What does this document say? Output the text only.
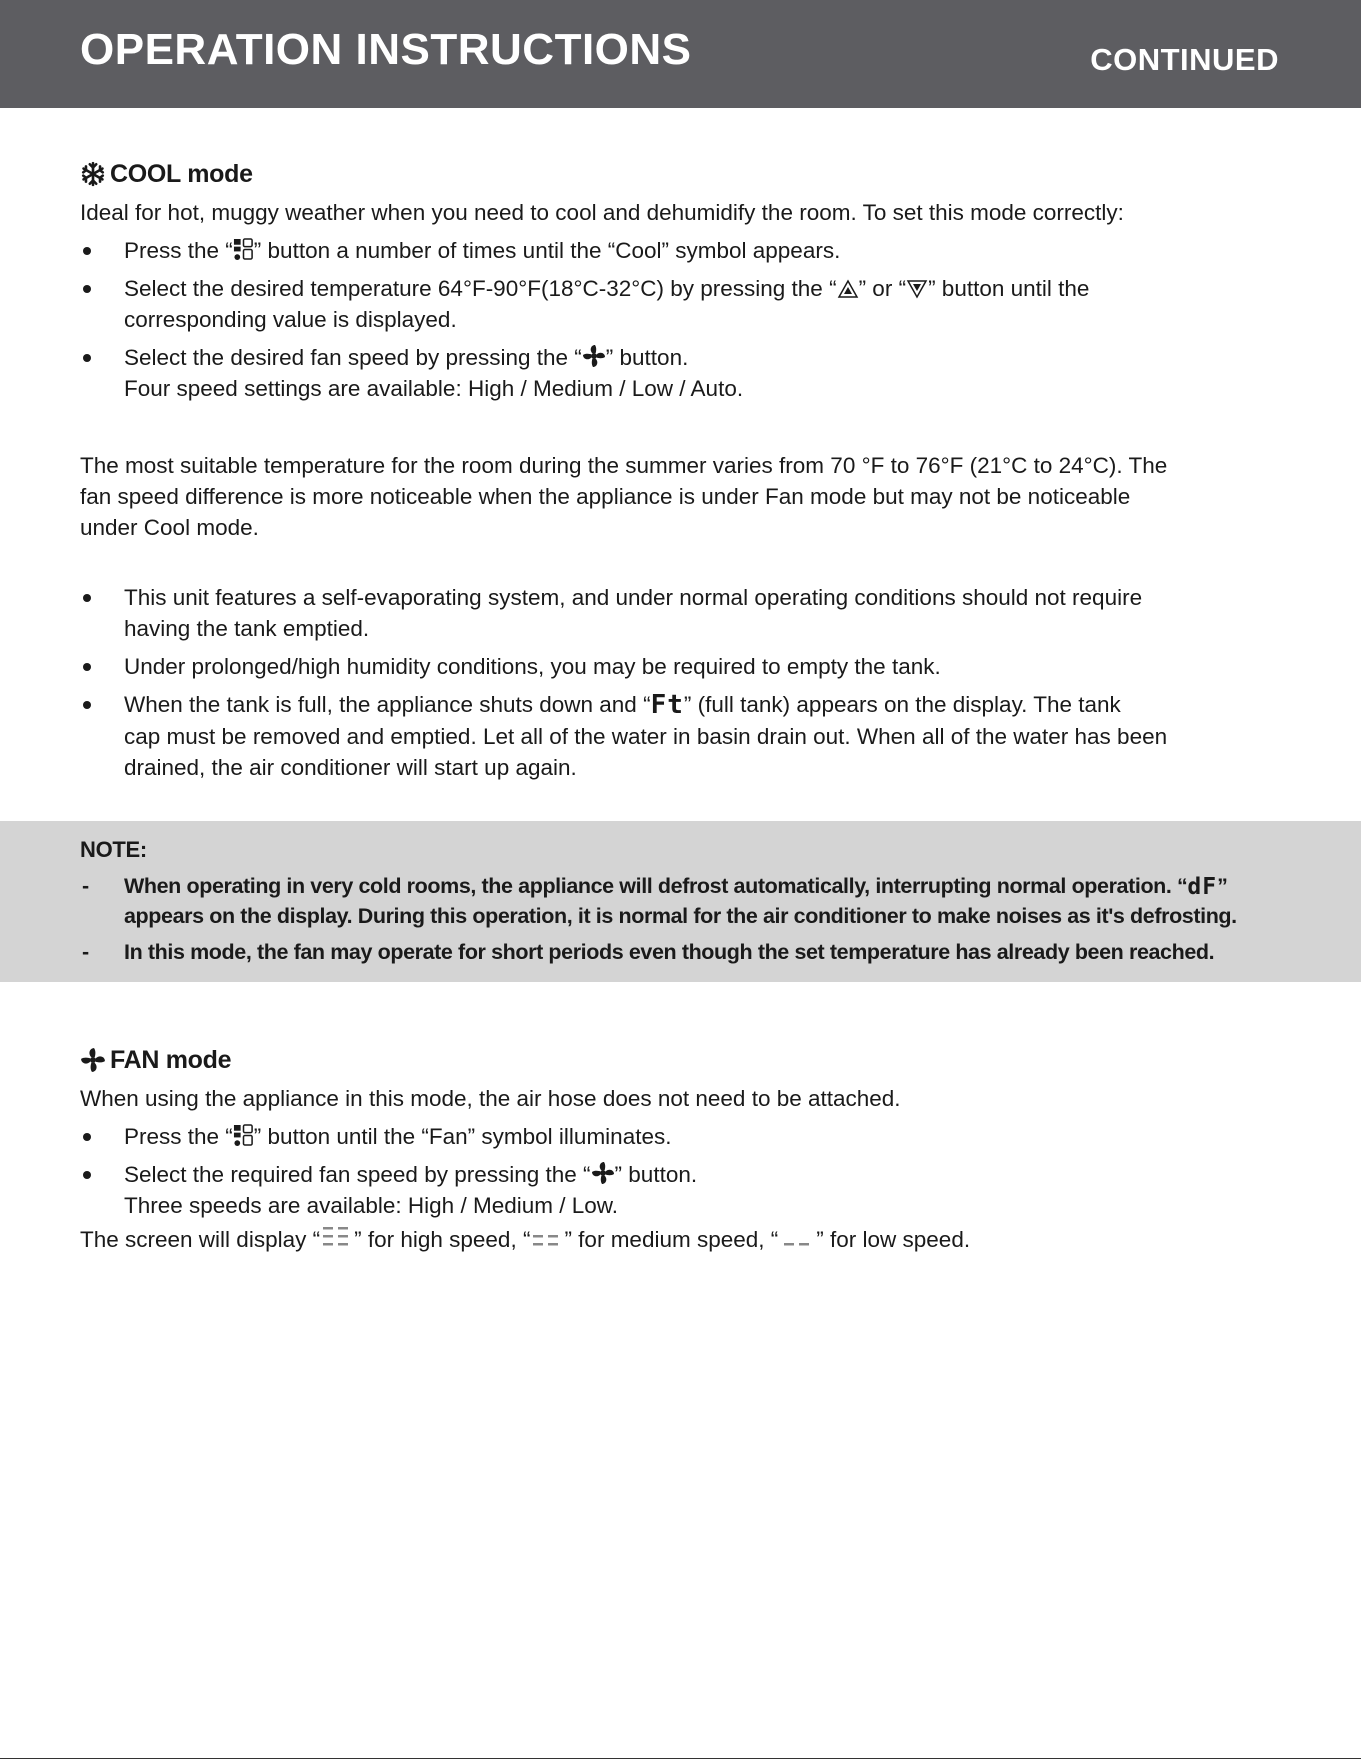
OPERATION INSTRUCTIONS	CONTINUED
COOL mode
Ideal for hot, muggy weather when you need to cool and dehumidify the room. To set this mode correctly:
Press the “ ” button a number of times until the “Cool” symbol appears.
Select the desired temperature 64°F-90°F(18°C-32°C) by pressing the “ ” or “ ” button until the
corresponding value is displayed.
Select the desired fan speed by pressing the “ ” button.
Four speed settings are available: High / Medium / Low / Auto.
The most suitable temperature for the room during the summer varies from 70 °F to 76°F (21°C to 24°C). The
fan speed difference is more noticeable when the appliance is under Fan mode but may not be noticeable
under Cool mode.
This unit features a self-evaporating system, and under normal operating conditions should not require
having the tank emptied.
Under prolonged/high humidity conditions, you may be required to empty the tank.
When the tank is full, the appliance shuts down and “Ft” (full tank) appears on the display. The tank
cap must be removed and emptied. Let all of the water in basin drain out. When all of the water has been
drained, the air conditioner will start up again.
NOTE:
- When operating in very cold rooms, the appliance will defrost automatically, interrupting normal operation. “dF”
appears on the display. During this operation, it is normal for the air conditioner to make noises as it's defrosting.
- In this mode, the fan may operate for short periods even though the set temperature has already been reached.
FAN mode
When using the appliance in this mode, the air hose does not need to be attached.
Press the “ ” button until the “Fan” symbol illuminates.
Select the required fan speed by pressing the “ ” button.
Three speeds are available: High / Medium / Low.
The screen will display “ ” for high speed, “ ” for medium speed, “ ” for low speed.
